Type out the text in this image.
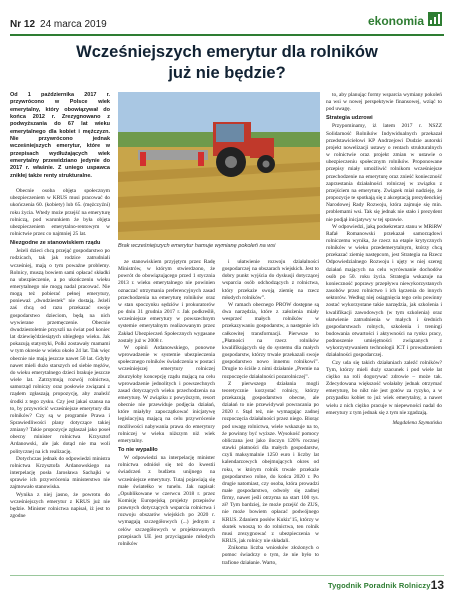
Nr 12 24 marca 2019	ekonomia
Wcześniejszych emerytur dla rolników
już nie będzie?

Od 1 października 2017 r. przywrócono w Polsce wiek emerytalny, który obowiązywał do końca 2012 r. Zrezygnowano z podwyższania do 67 lat wieku emerytalnego dla kobiet i mężczyzn. Nie przywrócono jednak wcześniejszych emerytur, które w przepisach wydłużających wiek emerytalny przewidziano jedynie do 2017 r. właśnie. Z uniego uspawca znikłej także renty strukturalne.

Obecnie osoba objęta społecznym ubezpieczeniem w KRUS musi pracować do ukończenia 60. (kobiety) lub 65. (mężczyźni) roku życia. Wtedy może przejść na emeryturę rolniczą, pod warunkiem że była objęta ubezpieczeniem emerytalno-rentowym w rolnictwie przez co najmniej 25 lat.

Niezgodne ze stanowiskiem rządu

Jeżeli dzieci chcą przejąć gospodarstwo po rodzicach, tak jak rodzice zatrudniali wcześniej, mają o tym poważne problemy. Rolnicy, muszą bowiem sami opłacać składki na ubezpieczenie, a po ukończeniu wieku emerytalnego nie mogą nadal pracować. Nie mogą też pobierać pełnej emerytury, ponieważ „dwudziestek” nie dostają. Jeżeli zaś chcą od razu przekazać swoje gospodarstwo dzieciom, będą na nich wywierane przemęczenie. Obecnie dwudziestoletnie przyszli na świat pod koniec lat dziewięćdziesiątych ubiegłego wieku. Jak pokazują statystyki, Polki zostawały mamami w tym okresie w wieku około 24 lat. Tak więc obecnie nie mają jeszcze nawet 50 lat. Gdyby nawet mieli dużo starszych od siebie mężów, do wieku emerytalnego dzieci brakuje jeszcze wiele lat. Zatrzymują rozwój rolnictwa, samorząd rolniczy oraz posłowie związani z rządem zgłaszają propozycję, aby znaleźć środki z tego zysku. Czy jest jakaś szansa na to, by przywrócić wcześniejsze emerytury dla rolników? Czy są w programie Prawa i Sprawiedliwości plany dotyczące takiej zmiany? Takie propozycje zgłaszał jako poseł obecny minister rolnictwa Krzysztof Ardanowski, ale jak dotąd nie ma woli politycznej na ich realizację.

Dotychczas jednak do odpowiedzi ministra rolnictwa Krzysztofa Ardanowskiego na interpelację posła Jarosława Sachajki w sprawie ich przywrócenia ministerstwo nie zajmowało stanowiska.

Wynika z niej jasno, że powrotu do wcześniejszych emerytur z KRUS już nie będzie. Minister rolnictwa napisał, iż jest to zgodne

Brak wcześniejszych emerytur hamuje wymianę pokoleń na wsi

ze stanowiskiem przyjętym przez Radę Ministrów, w którym stwierdzono, że powrót do obowiązującego przed 1 stycznia 2013 r. wieku emerytalnego nie powinien oznaczać utrzymania preferencyjnych zasad przechodzenia na emeryturę rolników oraz w stan spoczynku sędziów i prokuratorów po dniu 31 grudnia 2017 r. Jak podkreślił, wcześniejsze emerytury w powszechnym systemie emerytalnym realizowanym przez Zakład Ubezpieczeń Społecznych wygasane zostały już w 2008 r.

W opinii Ardanowskiego, ponowne wprowadzenie w systemie ubezpieczenia społecznego rolników świadczenia w postaci wcześniejszej emerytury rolniczej zburzyłoby koncepcję rządu mającą na celu wprowadzenie jednolitych i powszechnych zasad dotyczących wieku przechodzenia na emeryturę. W związku z powyższym, resort obecnie nie przewiduje podjęcia działań, które miałyby zapoczątkować inicjatywę legislacyjną mającą na celu przywrócenie możliwości nabywania prawa do emerytury rolniczej w wieku niższym niż wiek emerytalny.

To nie wypaliło

W odpowiedzi na interpelację minister rolnictwa odniósł się też do kwestii świadczeń z budżetu unijnego na wcześniejsze emerytury. Tutaj pojawiają się małe światełko w tunelu. Jak napisał: „Opublikowane w czerwcu 2018 r. przez Komisję Europejską projekty przepisów prawnych dotyczących wsparcia rolnictwa i rozwoju obszarów wiejskich po 2020 r. wymagają szczegółowych (...) jednym z celów szczegółowych w projektowanych przepisach UE jest przyciąganie młodych rolników

i ułatwienie rozwoju działalności gospodarczej na obszarach wiejskich. Jest to dobry punkt wyjścia do dyskusji dotyczącej wsparcia osób odchodzących z rolnictwa, który przekaże swoją ziemię na rzecz młodych rolników”.

W ramach obecnego PROW dostępne są dwa narzędzia, które z założenia miały wesprzeć małych rolników w przekazywaniu gospodarstw, a następnie ich całkowitej transformacji. Pierwsze to „Płatności na rzecz rolników kwalifikujących się do systemu dla małych gospodarstw, którzy trwale przekazali swoje gospodarstwo nowo innemu rolnikowi”. Drugie to ściśle z nimi działanie „Premie na rozpoczęcie działalności pozarolniczej”.

Z pierwszego działania mogli teoretycznie korzystać rolnicy, którzy przekazują gospodarstwo obecne, ale działań to nie przewidywał powracania po 2020 r. Stąd też, nie wymagając zadnej rozpoczęcia działalności przez niego. Biorąc pod uwagę rolnictwa, wiele wskazuje na to, że powinny być wyższe. Wysokość pomocy obliczana jest jako iloczyn 120% rocznej stawki płatności dla małych gospodarstw, czyli maksymalnie 1250 euro i liczby lat kalendarzowych obejmujących okres od roku, w którym rolnik trwale przekaże gospodarstwo rolne, do końca 2020 r. Po drugie natomiast, czy osoba, która prowadzi małe gospodarstwo, odwoły się zadnej firmy, nawet jeśli otrzyma na start 100 tys. zł? Tym bardziej, że może przejść do ZUS, nie może bowiem opłacać podwójnego KRUS. Zdaniem posłów Kukiz’15, którzy w skutek wnoszą to do rolnictwa, ten rolnik musi zrezygnować z ubezpieczenia w KRUS, jak rolnicy nie składali.

Znikoma liczba wniosków złożonych o pomoc świadczy o tym, że nie było to trafione działanie. Warto,

to, aby planując formy wsparcia wymiany pokoleń na wsi w nowej perspektywie finansowej, wziąć to pod uwagę.

Strategia udzrowi

Przypominamy, iż latem 2017 r. NSZZ Solidarność Rolników Indywidualnych przekazał przedstawicielowi KP Andrzejowi Dudzie autorski projekt nowelizacji ustawy o rentach strukturalnych w rolnictwie oraz projekt zmian w ustawie o ubezpieczeniu społecznym rolników. Proponowane przepisy miały umożliwić rolnikom wcześniejsze przechodzenie na emeryturę oraz znieść konieczność zaprzestania działalności rolniczej w związku z przejściem na emeryturę. Związek miał nadzieję, że propozycje te spotkają się z akceptacją prezydenckiej Narodowej Rady Rozwoju, która zajmuje się min. problemami wsi. Tak się jednak nie stało i prezydent nie podjął inicjatywy w tej sprawie.

W odpowiedzi, jaką podsekretarz stanu w MRiRW Rafał Romanowski przekazał samorządowi rolniczemu wynika, że rzecz na etapie krytycznych rolników w wieku przedemerytalnym, którzy chcą przekazać ziemię następcom, jest Strategia na Rzecz Odpowiedzialnego Rozwoju i ujęty w niej szereg działań mających na celu wyrównanie dochodów osób po 50. roku życia. Strategia wskazuje na konieczność poprawy przepływu niewykorzystanych zasobów przez rolnictwo i ich łączenia do innych sektorów. Według niej osiągnięcia tego celu powinny zostać wykorzystane takie narzędzia, jak szkolenia i kwalifikacji zawodowych (w tym szkolenia) oraz ułatwienie zatrudnienia w małych i średnich gospodarstwach rolnych, szkolenia i treningi budowania otwartości i aktywności na rynku pracy, podnoszenie umiejętności związanych z wykorzystywaniem technologii ICT i prowadzeniem działalności gospodarczej.

Czy uda się takich działaniach zaleźć rolników? Tym, którzy mieli duży szacunek i pod wiele lat ciężko na roli dogorywać zdrowie – może tak. Zdecydowana większość wolałaby jednak otrzymać emeryturę, bo nikt nie jest gotów za ryzyko, a w przypadku kobiet to już wiek emerytalny, a nawet wielu z nich ciężko pracuje w niepewności nadal do emerytury z tym jednak się z tym nie zgadzają.

Magdalena Szymańska
Tygodnik Poradnik Rolniczy 13
